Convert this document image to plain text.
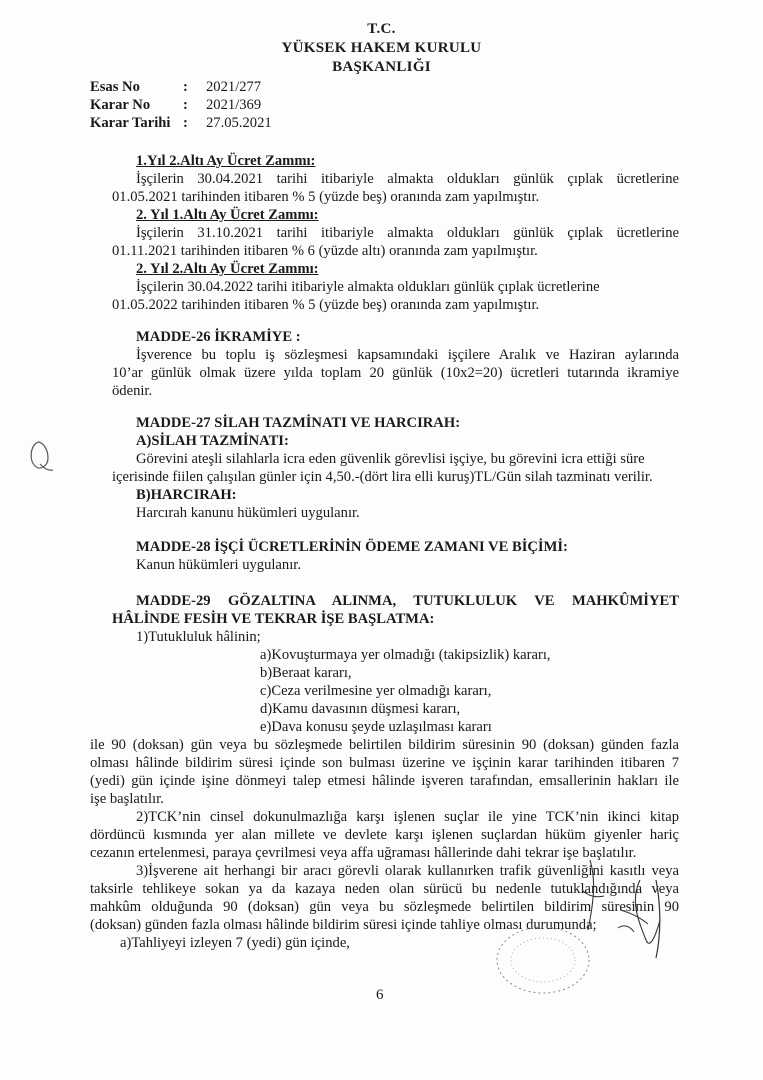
T.C.
YÜKSEK HAKEM KURULU
BAŞKANLIĞI
Esas No	: 2021/277
Karar No : 2021/369
Karar Tarihi : 27.05.2021
1.Yıl 2.Altı Ay Ücret Zammı:
İşçilerin 30.04.2021 tarihi itibariyle almakta oldukları günlük çıplak ücretlerine
01.05.2021 tarihinden itibaren % 5 (yüzde beş) oranında zam yapılmıştır.
2. Yıl 1.Altı Ay Ücret Zammı:
İşçilerin 31.10.2021 tarihi itibariyle almakta oldukları günlük çıplak ücretlerine
01.11.2021 tarihinden itibaren % 6 (yüzde altı) oranında zam yapılmıştır.
2. Yıl 2.Altı Ay Ücret Zammı:
İşçilerin 30.04.2022 tarihi itibariyle almakta oldukları günlük çıplak ücretlerine
01.05.2022 tarihinden itibaren % 5 (yüzde beş) oranında zam yapılmıştır.
MADDE-26 İKRAMİYE :
İşverence bu toplu iş sözleşmesi kapsamındaki işçilere Aralık ve Haziran aylarında
10’ar günlük olmak üzere yılda toplam 20 günlük (10x2=20) ücretleri tutarında ikramiye
ödenir.
MADDE-27 SİLAH TAZMİNATI VE HARCIRAH:
A)SİLAH TAZMİNATI:
Görevini ateşli silahlarla icra eden güvenlik görevlisi işçiye, bu görevini icra ettiği süre
içerisinde fiilen çalışılan günler için 4,50.-(dört lira elli kuruş)TL/Gün silah tazminatı verilir.
B)HARCIRAH:
Harcırah kanunu hükümleri uygulanır.
MADDE-28 İŞÇİ ÜCRETLERİNİN ÖDEME ZAMANI VE BİÇİMİ:
Kanun hükümleri uygulanır.
MADDE-29 GÖZALTINA ALINMA, TUTUKLULUK VE MAHKÛMİYET
HÂLİNDE FESİH VE TEKRAR İŞE BAŞLATMA:
1)Tutukluluk hâlinin;
a)Kovuşturmaya yer olmadığı (takipsizlik) kararı,
b)Beraat kararı,
c)Ceza verilmesine yer olmadığı kararı,
d)Kamu davasının düşmesi kararı,
e)Dava konusu şeyde uzlaşılması kararı
ile 90 (doksan) gün veya bu sözleşmede belirtilen bildirim süresinin 90 (doksan) günden fazla
olması hâlinde bildirim süresi içinde son bulması üzerine ve işçinin karar tarihinden itibaren 7
(yedi) gün içinde işine dönmeyi talep etmesi hâlinde işveren tarafından, emsallerinin hakları ile
işe başlatılır.
2)TCK’nin cinsel dokunulmazlığa karşı işlenen suçlar ile yine TCK’nin ikinci kitap
dördüncü kısmında yer alan millete ve devlete karşı işlenen suçlardan hüküm giyenler hariç
cezanın ertelenmesi, paraya çevrilmesi veya affa uğraması hâllerinde dahi tekrar işe başlatılır.
3)İşverene ait herhangi bir aracı görevli olarak kullanırken trafik güvenliğini kasıtlı veya
taksirle tehlikeye sokan ya da kazaya neden olan sürücü bu nedenle tutuklandığında veya
mahkûm olduğunda 90 (doksan) gün veya bu sözleşmede belirtilen bildirim süresinin 90
(doksan) günden fazla olması hâlinde bildirim süresi içinde tahliye olması durumunda;
a)Tahliyeyi izleyen 7 (yedi) gün içinde,
6
